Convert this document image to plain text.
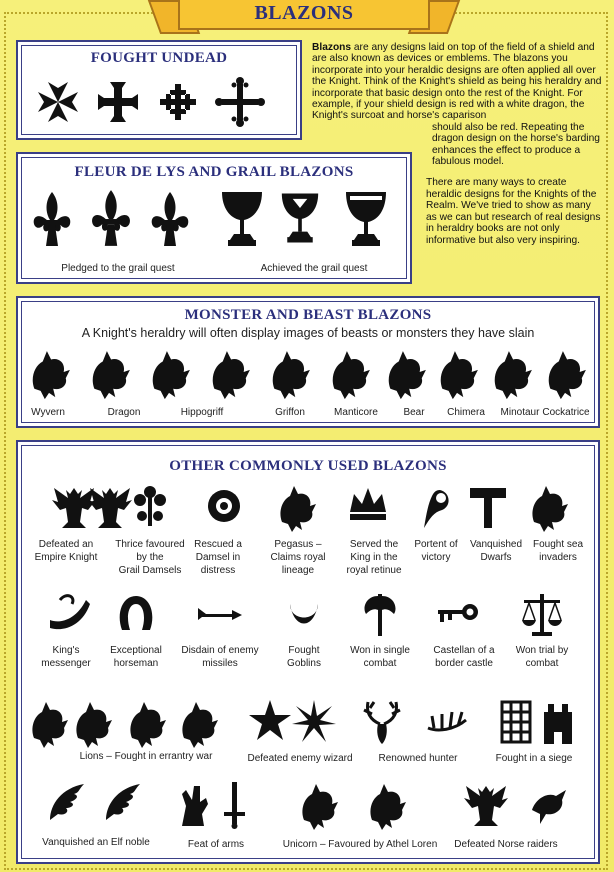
BLAZONS

Blazons are any designs laid on top of the field of a shield and are also known as devices or emblems. The blazons you incorporate into your heraldic designs are often applied all over the Knight. Think of the Knight's shield as being his heraldry and incorporate that basic design onto the rest of the Knight. For example, if your shield design is red with a white dragon, the Knight's surcoat and horse's caparison
should also be red. Repeating the dragon design on the horse's barding enhances the effect to produce a fabulous model.

There are many ways to create heraldic designs for the Knights of the Realm. We've tried to show as many as we can but research of real designs in heraldry books are not only informative but also very inspiring.

FOUGHT UNDEAD
FLEUR DE LYS AND GRAIL BLAZONS
Pledged to the grail quest	Achieved the grail quest
MONSTER AND BEAST BLAZONS
A Knight's heraldry will often display images of beasts or monsters they have slain
Wyvern	Dragon	Hippogriff	Griffon	Manticore	Bear	Chimera	Minotaur Cockatrice
OTHER COMMONLY USED BLAZONS
Defeated an
Empire Knight
Thrice favoured
by the
Grail Damsels
Rescued a
Damsel in
distress
Pegasus –
Claims royal
lineage
Served the
King in the
royal retinue
Portent of
victory
Vanquished
Dwarfs
Fought sea
invaders
King's
messenger
Exceptional
horseman
Disdain of enemy
missiles
Fought
Goblins
Won in single
combat
Castellan of a
border castle
Won trial by
combat
Lions – Fought in errantry war	Defeated enemy wizard	Renowned hunter	Fought in a siege
Vanquished an Elf noble	Feat of arms	Unicorn – Favoured by Athel Loren	Defeated Norse raiders
